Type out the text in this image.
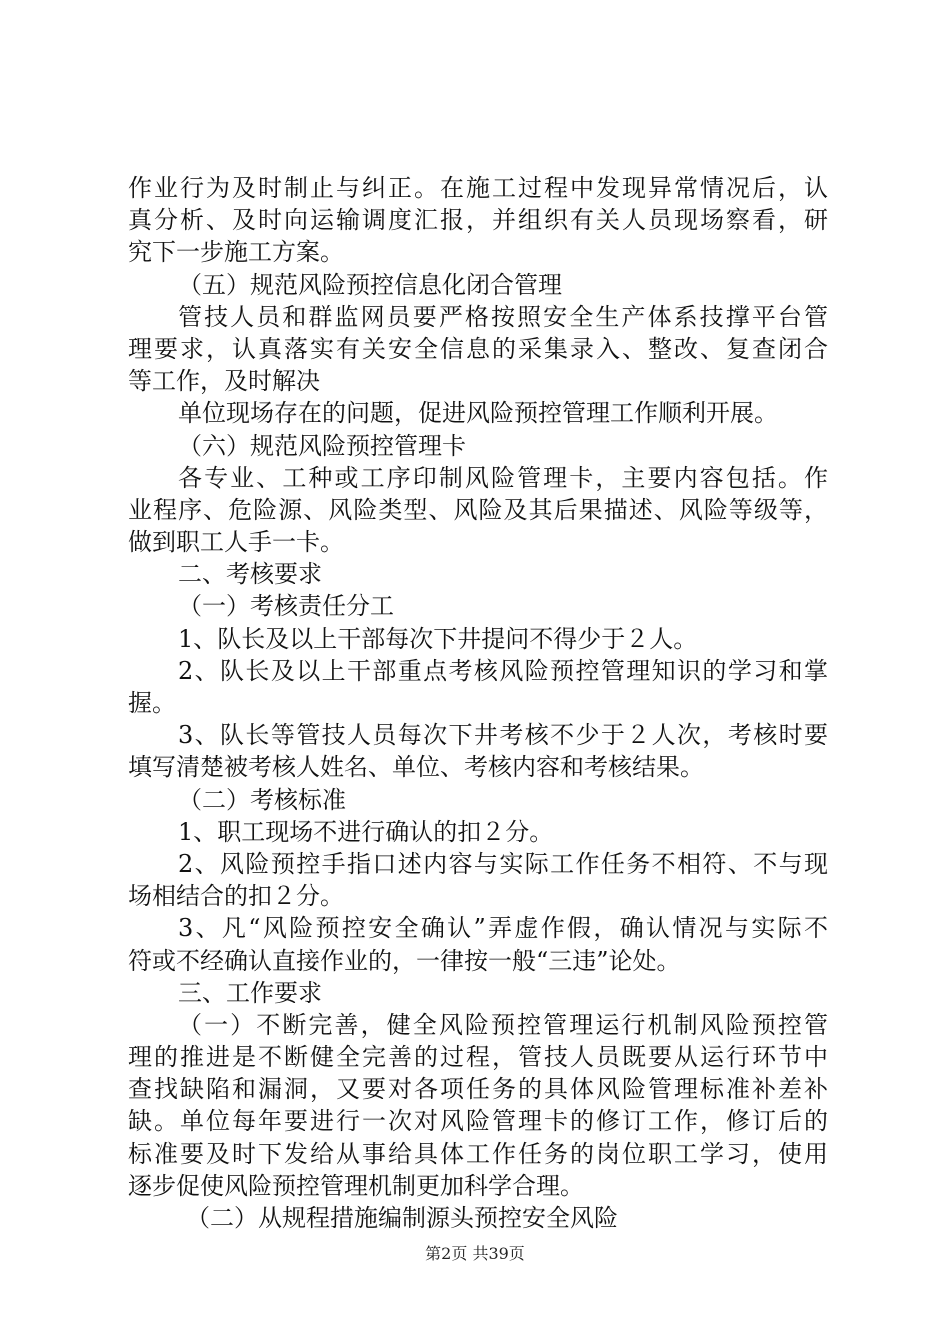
作业行为及时制止与纠正。在施工过程中发现异常情况后，认
真分析、及时向运输调度汇报，并组织有关人员现场察看，研
究下一步施工方案。
（五）规范风险预控信息化闭合管理
管技人员和群监网员要严格按照安全生产体系技撑平台管
理要求，认真落实有关安全信息的采集录入、整改、复查闭合
等工作，及时解决
单位现场存在的问题，促进风险预控管理工作顺利开展。
（六）规范风险预控管理卡
各专业、工种或工序印制风险管理卡，主要内容包括。作
业程序、危险源、风险类型、风险及其后果描述、风险等级等，
做到职工人手一卡。
二、考核要求
（一）考核责任分工
1、队长及以上干部每次下井提问不得少于２人。
2、队长及以上干部重点考核风险预控管理知识的学习和掌
握。
3、队长等管技人员每次下井考核不少于２人次，考核时要
填写清楚被考核人姓名、单位、考核内容和考核结果。
（二）考核标准
1、职工现场不进行确认的扣２分。
2、风险预控手指口述内容与实际工作任务不相符、不与现
场相结合的扣２分。
3、凡“风险预控安全确认”弄虚作假，确认情况与实际不
符或不经确认直接作业的，一律按一般“三违”论处。
三、工作要求
（一）不断完善，健全风险预控管理运行机制风险预控管
理的推进是不断健全完善的过程，管技人员既要从运行环节中
查找缺陷和漏洞，又要对各项任务的具体风险管理标准补差补
缺。单位每年要进行一次对风险管理卡的修订工作，修订后的
标准要及时下发给从事给具体工作任务的岗位职工学习，使用
逐步促使风险预控管理机制更加科学合理。
（二）从规程措施编制源头预控安全风险
第2页 共39页
